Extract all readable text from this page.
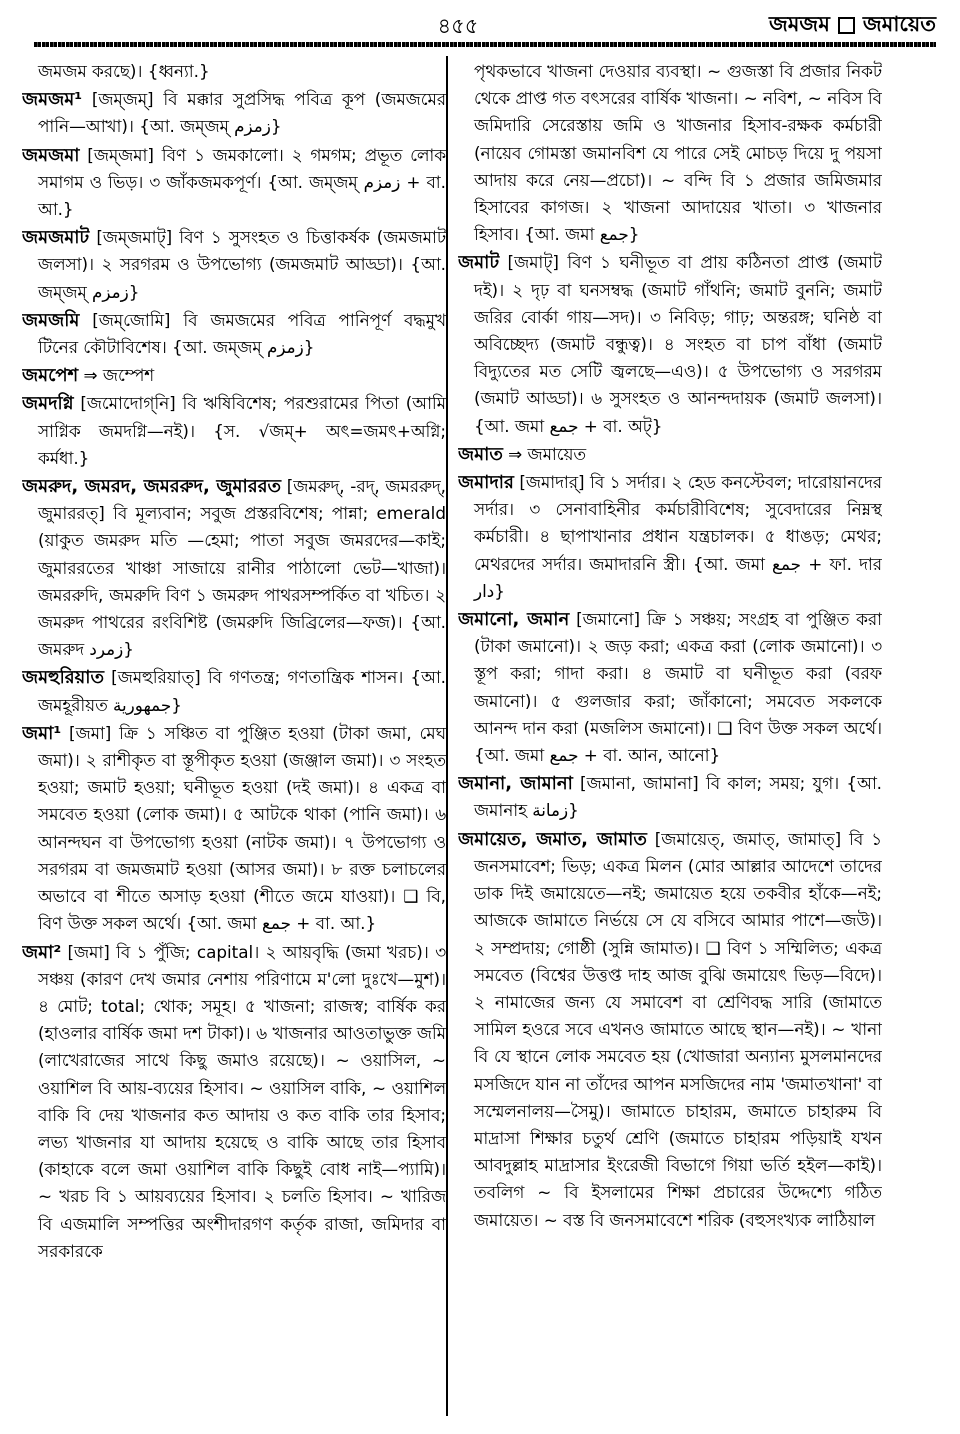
৪৫৫	জমজম জমায়েত

জমজম করছে)। {ধ্বন্যা.}

জমজম¹ [জম্‌জম্] বি মক্কার সুপ্রসিদ্ধ পবিত্র কূপ (জমজমের পানি—আখা)। {আ. জম্‌জম্ زمزم}

জমজমা [জম্‌জমা] বিণ ১ জমকালো। ২ গমগম; প্রভূত লোক সমাগম ও ভিড়। ৩ জাঁকজমকপূর্ণ। {আ. জম্‌জম্ زمزم + বা. আ.}

জমজমাট [জম্‌জমাট্] বিণ ১ সুসংহত ও চিত্তাকর্ষক (জমজমাট জলসা)। ২ সরগরম ও উপভোগ্য (জমজমাট আড্ডা)। {আ. জম্‌জম্ زمزم}

জমজমি [জম্‌জোমি] বি জমজমের পবিত্র পানিপূর্ণ বদ্ধমুখ টিনের কৌটাবিশেষ। {আ. জম্‌জম্ زمزم}

জমপেশ ⇒ জম্পেশ

জমদগ্নি [জমোদোগ্‌নি] বি ঋষিবিশেষ; পরশুরামের পিতা (আমি সাগ্নিক জমদগ্নি—নই)। {স. √জম্+ অৎ=জমৎ+অগ্নি; কর্মধা.}

জমরুদ, জমরদ, জমররুদ, জুমাররত [জমরুদ্‌, -রদ্‌, জমররুদ্‌, জুমাররত্] বি মূল্যবান; সবুজ প্রস্তরবিশেষ; পান্না; emerald (য়াকুত জমরুদ মতি —হেমা; পাতা সবুজ জমরদের—কাই; জুমাররতের খাঞ্চা সাজায়ে রানীর পাঠালো ভেট—খাজা)। জমররুদি, জমরুদি বিণ ১ জমরুদ পাথরসম্পর্কিত বা খচিত। ২ জমরুদ পাথরের রংবিশিষ্ট (জমরুদি জিব্রিলের—ফজ)। {আ. জমরুদ زمرد}

জমহুরিয়াত [জমহুরিয়াত্] বি গণতন্ত্র; গণতান্ত্রিক শাসন। {আ. জমহূরীয়ত جمهورية}

জমা¹ [জমা] ক্রি ১ সঞ্চিত বা পুঞ্জিত হওয়া (টাকা জমা, মেঘ জমা)। ২ রাশীকৃত বা স্তূপীকৃত হওয়া (জঞ্জাল জমা)। ৩ সংহত হওয়া; জমাট হওয়া; ঘনীভূত হওয়া (দই জমা)। ৪ একত্র বা সমবেত হওয়া (লোক জমা)। ৫ আটকে থাকা (পানি জমা)। ৬ আনন্দঘন বা উপভোগ্য হওয়া (নাটক জমা)। ৭ উপভোগ্য ও সরগরম বা জমজমাট হওয়া (আসর জমা)। ৮ রক্ত চলাচলের অভাবে বা শীতে অসাড় হওয়া (শীতে জমে যাওয়া)। ❑ বি, বিণ উক্ত সকল অর্থে। {আ. জমা جمع + বা. আ.}

জমা² [জমা] বি ১ পুঁজি; capital। ২ আয়বৃদ্ধি (জমা খরচ)। ৩ সঞ্চয় (কারণ দেখ জমার নেশায় পরিণামে ম'লো দুঃখে—মুশ)। ৪ মোট; total; থোক; সমূহ। ৫ খাজনা; রাজস্ব; বার্ষিক কর (হাওলার বার্ষিক জমা দশ টাকা)। ৬ খাজনার আওতাভুক্ত জমি (লাখেরাজের সাথে কিছু জমাও রয়েছে)। ~ ওয়াসিল, ~ ওয়াশিল বি আয়-ব্যয়ের হিসাব। ~ ওয়াসিল বাকি, ~ ওয়াশিল বাকি বি দেয় খাজনার কত আদায় ও কত বাকি তার হিসাব; লভ্য খাজনার যা আদায় হয়েছে ও বাকি আছে তার হিসাব (কাহাকে বলে জমা ওয়াশিল বাকি কিছুই বোধ নাই—প্যামি)। ~ খরচ বি ১ আয়ব্যয়ের হিসাব। ২ চলতি হিসাব। ~ খারিজ বি এজমালি সম্পত্তির অংশীদারগণ কর্তৃক রাজা, জমিদার বা সরকারকে

পৃথকভাবে খাজনা দেওয়ার ব্যবস্থা। ~ গুজস্তা বি প্রজার নিকট থেকে প্রাপ্ত গত বৎসরের বার্ষিক খাজনা। ~ নবিশ, ~ নবিস বি জমিদারি সেরেস্তায় জমি ও খাজনার হিসাব-রক্ষক কর্মচারী (নায়েব গোমস্তা জমানবিশ যে পারে সেই মোচড় দিয়ে দু পয়সা আদায় করে নেয়—প্রচো)। ~ বন্দি বি ১ প্রজার জমিজমার হিসাবের কাগজ। ২ খাজনা আদায়ের খাতা। ৩ খাজনার হিসাব। {আ. জমা جمع}

জমাট [জমাট্] বিণ ১ ঘনীভূত বা প্রায় কঠিনতা প্রাপ্ত (জমাট দই)। ২ দৃঢ় বা ঘনসম্বদ্ধ (জমাট গাঁথনি; জমাট বুননি; জমাট জরির বোর্কা গায়—সদ)। ৩ নিবিড়; গাঢ়; অন্তরঙ্গ; ঘনিষ্ঠ বা অবিচ্ছেদ্য (জমাট বন্ধুত্ব)। ৪ সংহত বা চাপ বাঁধা (জমাট বিদ্যুতের মত সেটি জ্বলছে—এও)। ৫ উপভোগ্য ও সরগরম (জমাট আড্ডা)। ৬ সুসংহত ও আনন্দদায়ক (জমাট জলসা)। {আ. জমা جمع + বা. অট্}

জমাত ⇒ জমায়েত

জমাদার [জমাদার্] বি ১ সর্দার। ২ হেড কনস্টেবল; দারোয়ানদের সর্দার। ৩ সেনাবাহিনীর কর্মচারীবিশেষ; সুবেদারের নিম্নস্থ কর্মচারী। ৪ ছাপাখানার প্রধান যন্ত্রচালক। ৫ ধাঙড়; মেথর; মেথরদের সর্দার। জমাদারনি স্ত্রী। {আ. জমা جمع + ফা. দার دار}

জমানো, জমান [জমানো] ক্রি ১ সঞ্চয়; সংগ্রহ বা পুঞ্জিত করা (টাকা জমানো)। ২ জড় করা; একত্র করা (লোক জমানো)। ৩ স্তূপ করা; গাদা করা। ৪ জমাট বা ঘনীভূত করা (বরফ জমানো)। ৫ গুলজার করা; জাঁকানো; সমবেত সকলকে আনন্দ দান করা (মজলিস জমানো)। ❑ বিণ উক্ত সকল অর্থে। {আ. জমা جمع + বা. আন, আনো}

জমানা, জামানা [জমানা, জামানা] বি কাল; সময়; যুগ। {আ. জমানাহ زمانة}

জমায়েত, জমাত, জামাত [জমায়েত্, জমাত্, জামাত্] বি ১ জনসমাবেশ; ভিড়; একত্র মিলন (মোর আল্লার আদেশে তাদের ডাক দিই জমায়েতে—নই; জমায়েত হয়ে তকবীর হাঁকে—নই; আজকে জামাতে নির্ভয়ে সে যে বসিবে আমার পাশে—জউ)। ২ সম্প্রদায়; গোষ্ঠী (সুন্নি জামাত)। ❑ বিণ ১ সম্মিলিত; একত্র সমবেত (বিশ্বের উত্তপ্ত দাহ আজ বুঝি জমায়েৎ ভিড়—বিদে)। ২ নামাজের জন্য যে সমাবেশ বা শ্রেণিবদ্ধ সারি (জামাতে সামিল হওরে সবে এখনও জামাতে আছে স্থান—নই)। ~ খানা বি যে স্থানে লোক সমবেত হয় (খোজারা অন্যান্য মুসলমানদের মসজিদে যান না তাঁদের আপন মসজিদের নাম 'জমাতখানা' বা সম্মেলনালয়—সৈমু)। জামাতে চাহারম, জমাতে চাহারুম বি মাদ্রাসা শিক্ষার চতুর্থ শ্রেণি (জমাতে চাহারম পড়িয়াই যখন আবদুল্লাহ মাদ্রাসার ইংরেজী বিভাগে গিয়া ভর্তি হইল—কাই)। তবলিগ ~ বি ইসলামের শিক্ষা প্রচারের উদ্দেশ্যে গঠিত জমায়েত। ~ বস্ত বি জনসমাবেশে শরিক (বহুসংখ্যক লাঠিয়াল
